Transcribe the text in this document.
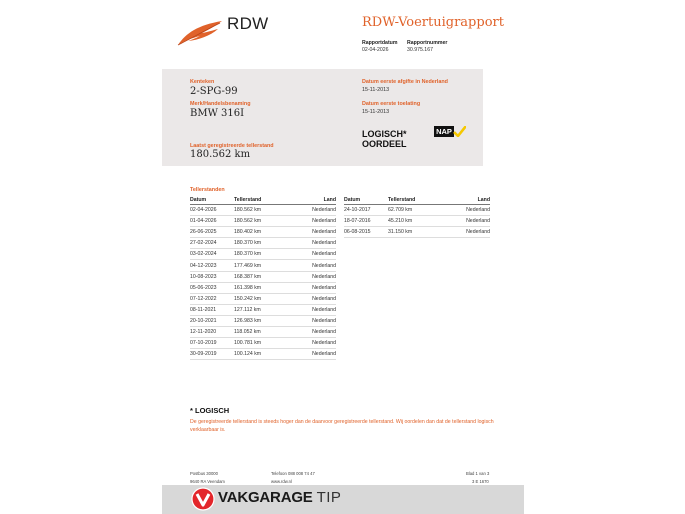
RDW	RDW-Voertuigrapport
Rapportdatum
02-04-2026
Rapportnummer
30.975.167
Kenteken
2-SPG-99
Merk/Handelsbenaming
BMW 316I
Laatst geregistreerde tellerstand
180.562 km
Datum eerste afgifte in Nederland
15-11-2013
Datum eerste toelating
15-11-2013
LOGISCH*
OORDEEL
NAP
Tellerstanden
Datum	Tellerstand	Land
02-04-2026	180.562 km	Nederland
01-04-2026	180.562 km	Nederland
26-06-2025	180.402 km	Nederland
27-02-2024	180.370 km	Nederland
03-02-2024	180.370 km	Nederland
04-12-2023	177.469 km	Nederland
10-08-2023	168.387 km	Nederland
05-06-2023	161.398 km	Nederland
07-12-2022	150.242 km	Nederland
08-11-2021	127.112 km	Nederland
20-10-2021	126.983 km	Nederland
12-11-2020	118.052 km	Nederland
07-10-2019	100.781 km	Nederland
30-09-2019	100.124 km	Nederland
Datum	Tellerstand	Land
24-10-2017	62.709 km	Nederland
18-07-2016	45.210 km	Nederland
06-08-2015	31.150 km	Nederland
* LOGISCH
De geregistreerde tellerstand is steeds hoger dan de daarvoor geregistreerde tellerstand. Wij oordelen dan dat de tellerstand logisch verklaarbaar is.
Postbus 30000
9640 RA Veendam
Telefoon 088 008 74 47
www.rdw.nl
Blad 1 van 3
3 E 1670
VAKGARAGE TIP
